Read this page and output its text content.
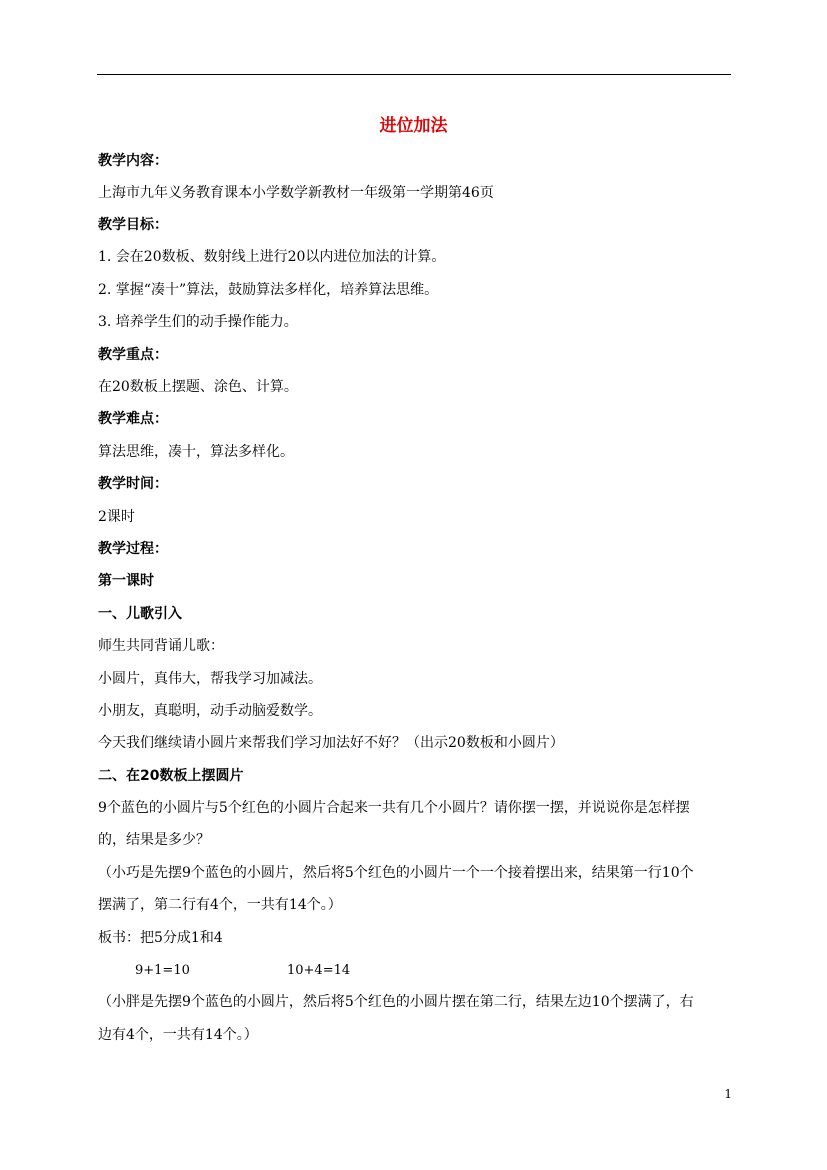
进位加法
教学内容：
上海市九年义务教育课本小学数学新教材一年级第一学期第46页
教学目标：
1. 会在20数板、数射线上进行20以内进位加法的计算。
2. 掌握“凑十”算法，鼓励算法多样化，培养算法思维。
3. 培养学生们的动手操作能力。
教学重点：
在20数板上摆题、涂色、计算。
教学难点：
算法思维，凑十，算法多样化。
教学时间：
2课时
教学过程：
第一课时
一、儿歌引入
师生共同背诵儿歌：
小圆片，真伟大，帮我学习加减法。
小朋友，真聪明，动手动脑爱数学。
今天我们继续请小圆片来帮我们学习加法好不好？（出示20数板和小圆片）
二、在20数板上摆圆片
9个蓝色的小圆片与5个红色的小圆片合起来一共有几个小圆片？请你摆一摆，并说说你是怎样摆
的，结果是多少？
（小巧是先摆9个蓝色的小圆片，然后将5个红色的小圆片一个一个接着摆出来，结果第一行10个
摆满了，第二行有4个，一共有14个。）
板书：把5分成1和4
9+1=10	10+4=14
（小胖是先摆9个蓝色的小圆片，然后将5个红色的小圆片摆在第二行，结果左边10个摆满了，右
边有4个，一共有14个。）
1
